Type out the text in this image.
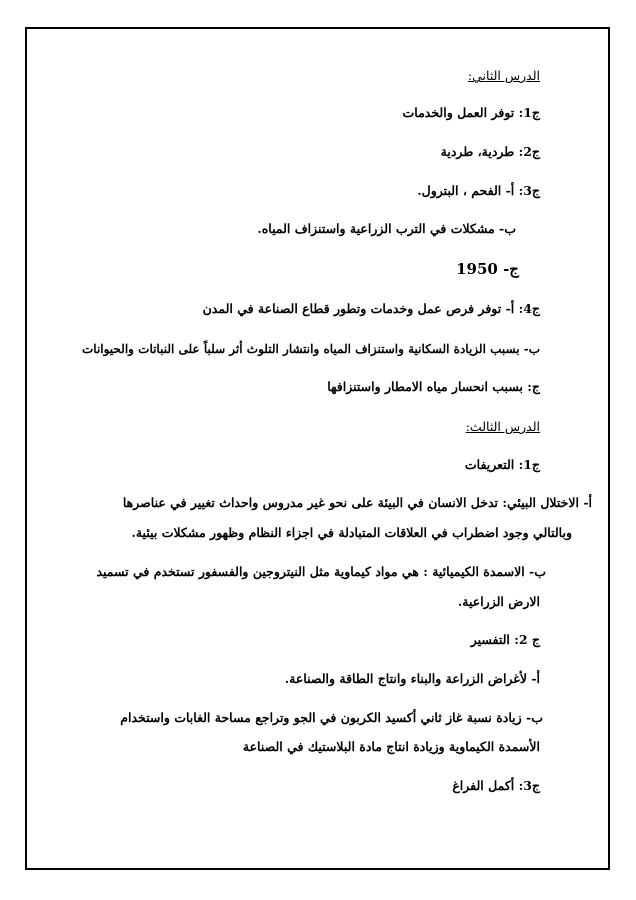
الدرس الثاني:
ج1: توفر العمل والخدمات
ج2: طردية، طردية
ج3: أ- الفحم ، البترول.
ب- مشكلات في الترب الزراعية واستنزاف المياه.
ج- 1950
ج4: أ- توفر فرص عمل وخدمات وتطور قطاع الصناعة في المدن
ب- بسبب الزيادة السكانية واستنزاف المياه وانتشار التلوث أثر سلباً على النباتات والحيوانات
ج: بسبب انحسار مياه الامطار واستنزافها
الدرس الثالث:
ج1: التعريفات
أ- الاختلال البيئي: تدخل الانسان في البيئة على نحو غير مدروس واحداث تغيير في عناصرها
وبالتالي وجود اضطراب في العلاقات المتبادلة في اجزاء النظام وظهور مشكلات بيئية.
ب- الاسمدة الكيميائية : هي مواد كيماوية مثل النيتروجين والفسفور تستخدم في تسميد
الارض الزراعية.
ج 2: التفسير
أ- لأغراض الزراعة والبناء وانتاج الطاقة والصناعة.
ب- زيادة نسبة غاز ثاني أكسيد الكربون في الجو وتراجع مساحة الغابات واستخدام
الأسمدة الكيماوية وزيادة انتاج مادة البلاستيك في الصناعة
ج3: أكمل الفراغ
